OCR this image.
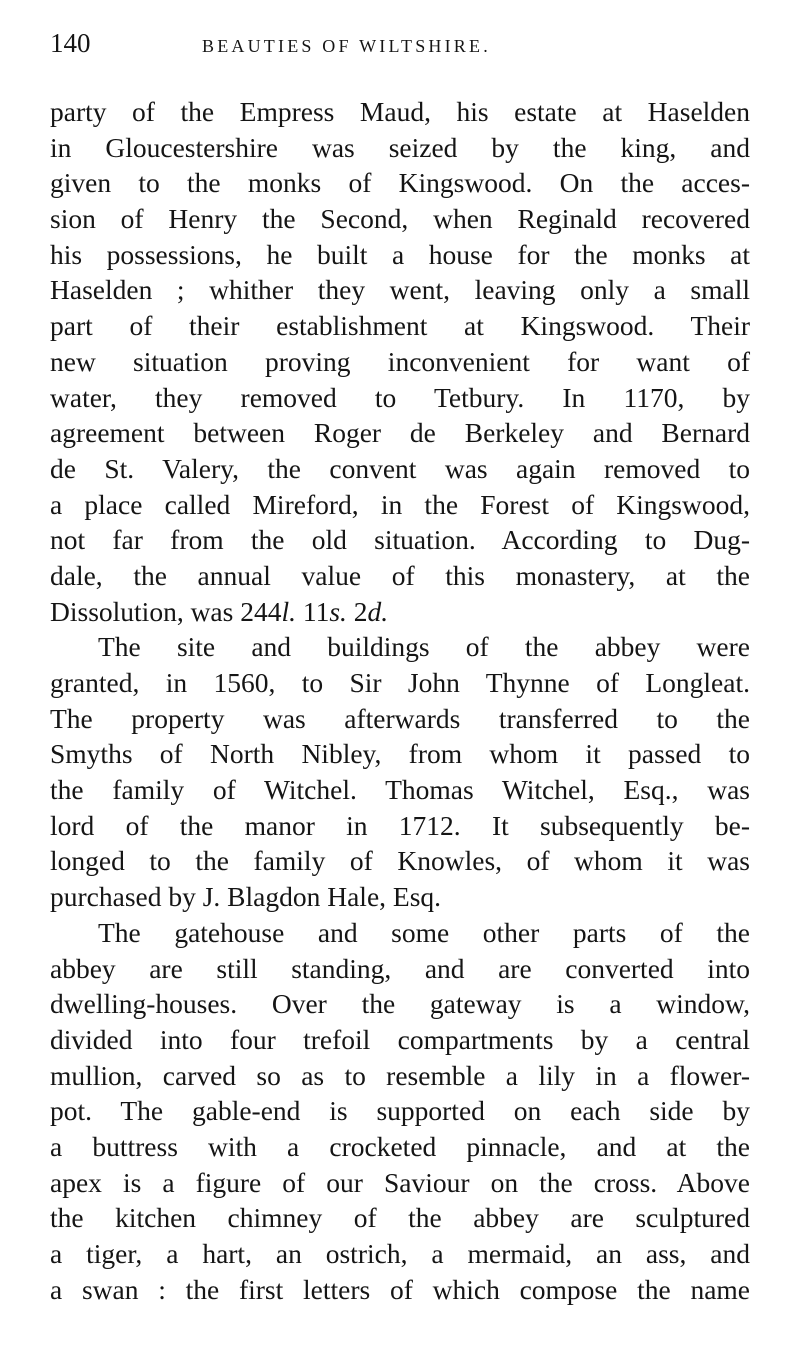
140	BEAUTIES OF WILTSHIRE.
party of the Empress Maud, his estate at Haselden
in Gloucestershire was seized by the king, and
given to the monks of Kingswood. On the acces-
sion of Henry the Second, when Reginald recovered
his possessions, he built a house for the monks at
Haselden ; whither they went, leaving only a small
part of their establishment at Kingswood. Their
new situation proving inconvenient for want of
water, they removed to Tetbury. In 1170, by
agreement between Roger de Berkeley and Bernard
de St. Valery, the convent was again removed to
a place called Mireford, in the Forest of Kingswood,
not far from the old situation. According to Dug-
dale, the annual value of this monastery, at the
Dissolution, was 244l. 11s. 2d.
The site and buildings of the abbey were
granted, in 1560, to Sir John Thynne of Longleat.
The property was afterwards transferred to the
Smyths of North Nibley, from whom it passed to
the family of Witchel. Thomas Witchel, Esq., was
lord of the manor in 1712. It subsequently be-
longed to the family of Knowles, of whom it was
purchased by J. Blagdon Hale, Esq.
The gatehouse and some other parts of the
abbey are still standing, and are converted into
dwelling-houses. Over the gateway is a window,
divided into four trefoil compartments by a central
mullion, carved so as to resemble a lily in a flower-
pot. The gable-end is supported on each side by
a buttress with a crocketed pinnacle, and at the
apex is a figure of our Saviour on the cross. Above
the kitchen chimney of the abbey are sculptured
a tiger, a hart, an ostrich, a mermaid, an ass, and
a swan : the first letters of which compose the name
